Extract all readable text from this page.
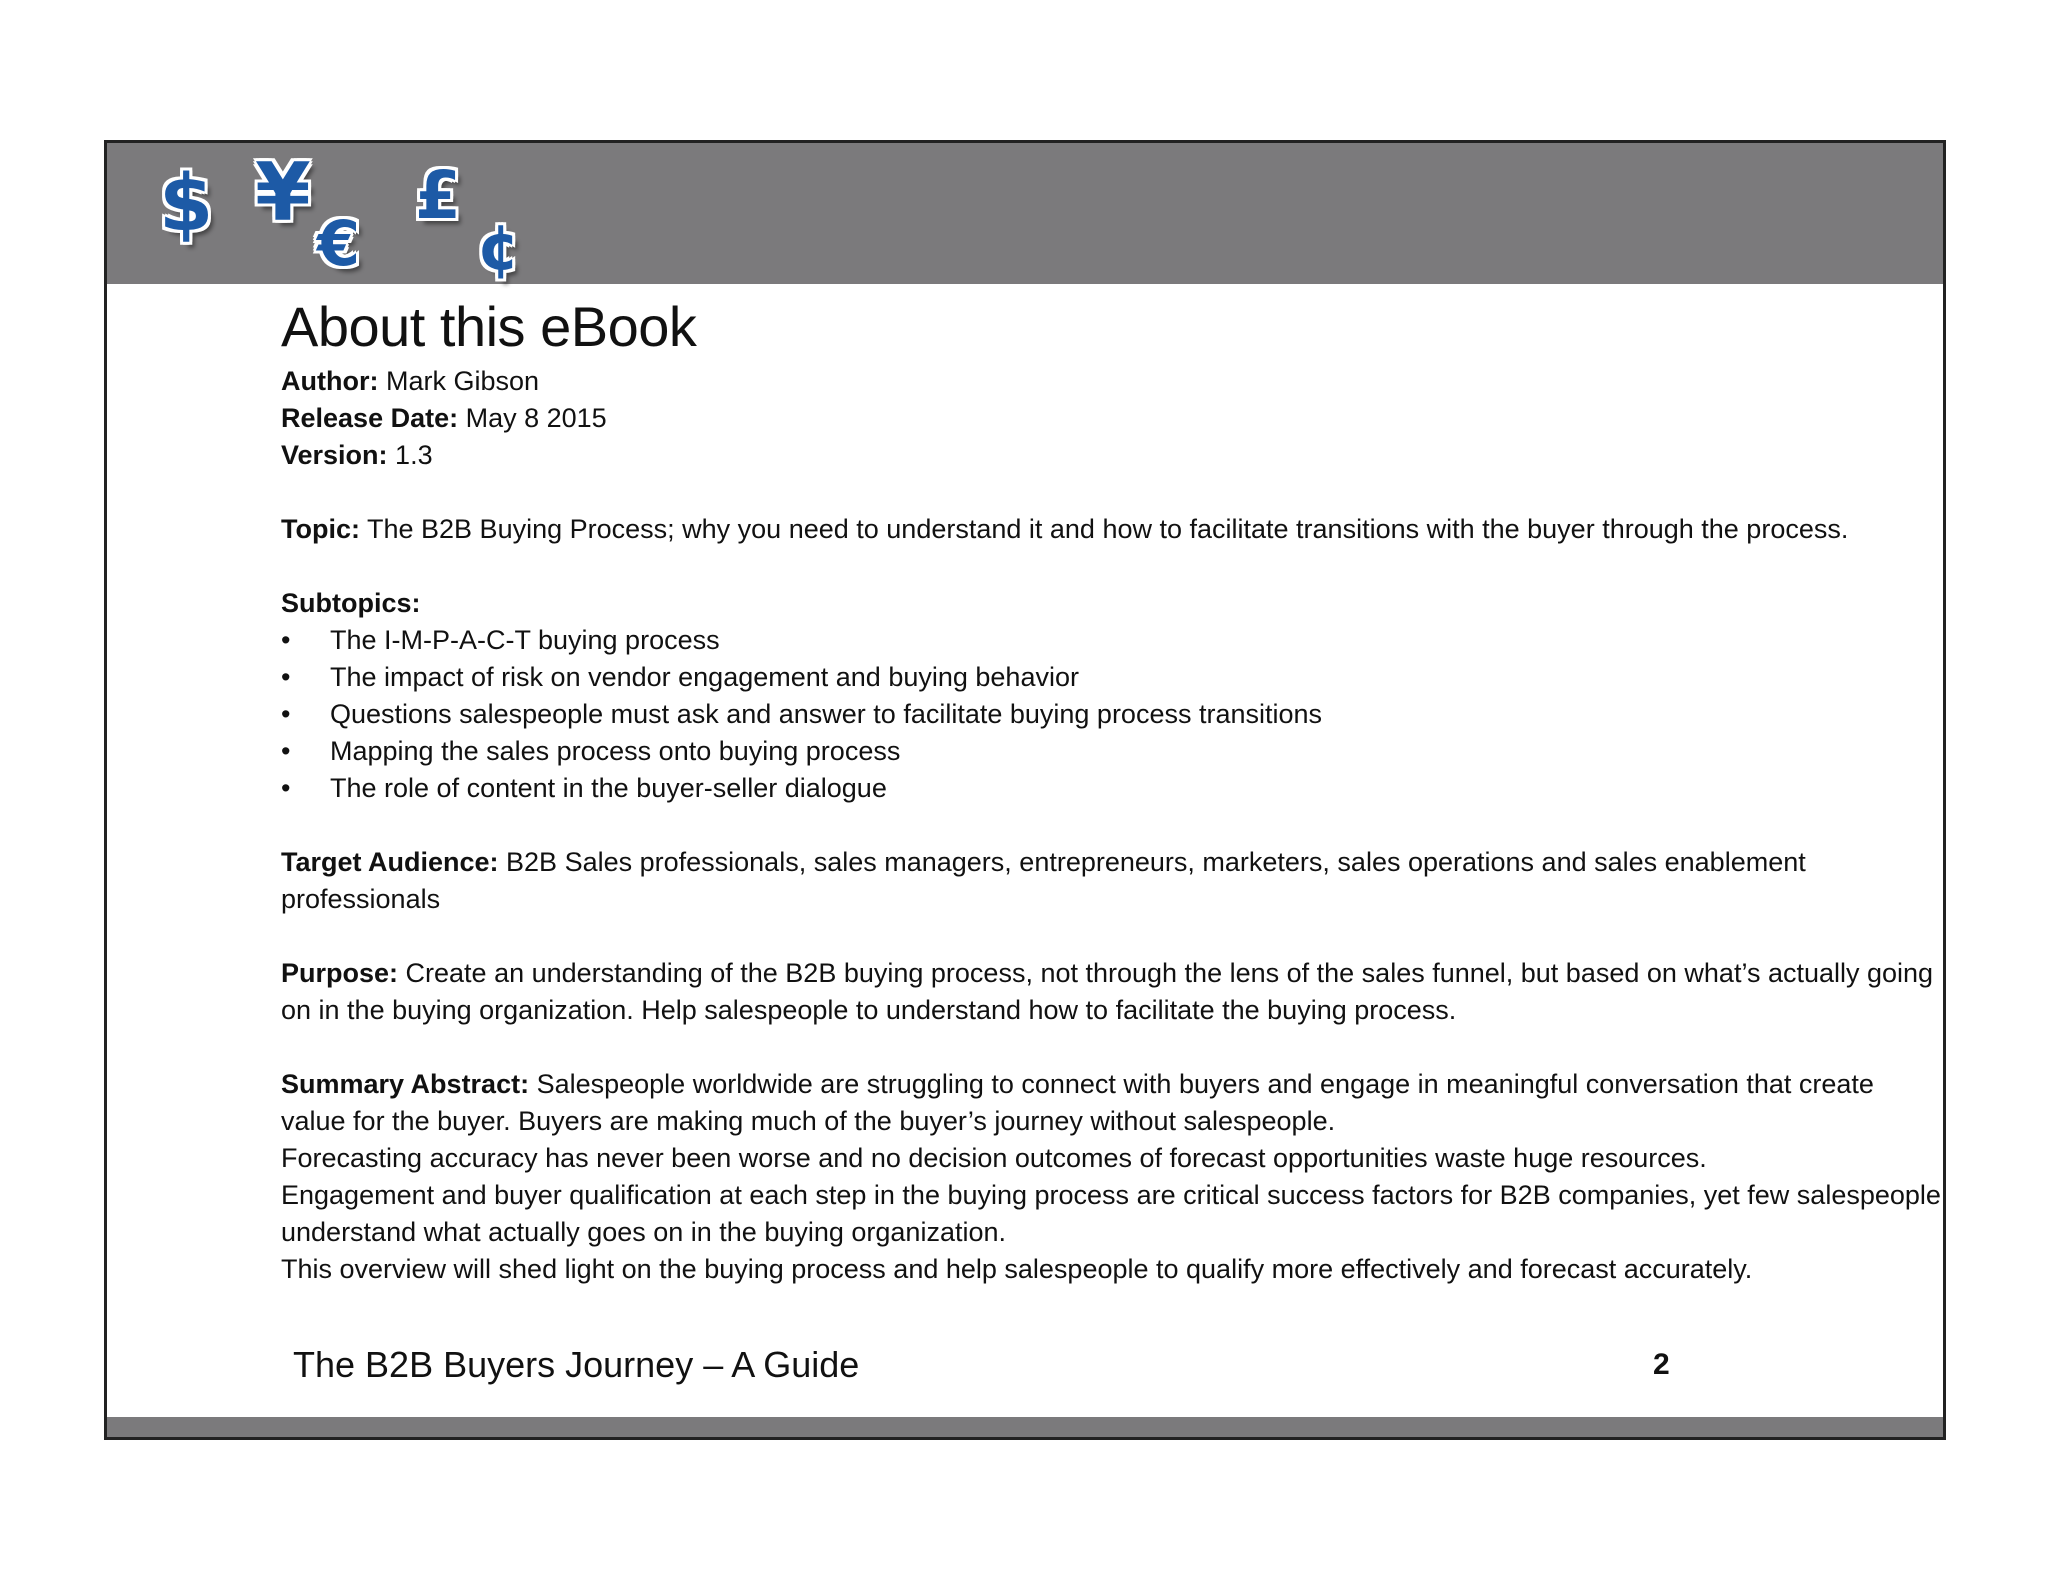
$ ¥
€
£
¢
About this eBook

Author: Mark Gibson

Release Date: May 8 2015

Version: 1.3

Topic: The B2B Buying Process; why you need to understand it and how to facilitate transitions with the buyer through the process.

Subtopics:

• The I-M-P-A-C-T buying process
• The impact of risk on vendor engagement and buying behavior
• Questions salespeople must ask and answer to facilitate buying process transitions
• Mapping the sales process onto buying process
• The role of content in the buyer-seller dialogue

Target Audience: B2B Sales professionals, sales managers, entrepreneurs, marketers, sales operations and sales enablement professionals

Purpose: Create an understanding of the B2B buying process, not through the lens of the sales funnel, but based on what’s actually going on in the buying organization. Help salespeople to understand how to facilitate the buying process.

Summary Abstract: Salespeople worldwide are struggling to connect with buyers and engage in meaningful conversation that create value for the buyer. Buyers are making much of the buyer’s journey without salespeople.

Forecasting accuracy has never been worse and no decision outcomes of forecast opportunities waste huge resources.

Engagement and buyer qualification at each step in the buying process are critical success factors for B2B companies, yet few salespeople understand what actually goes on in the buying organization.

This overview will shed light on the buying process and help salespeople to qualify more effectively and forecast accurately.

The B2B Buyers Journey – A Guide	2
